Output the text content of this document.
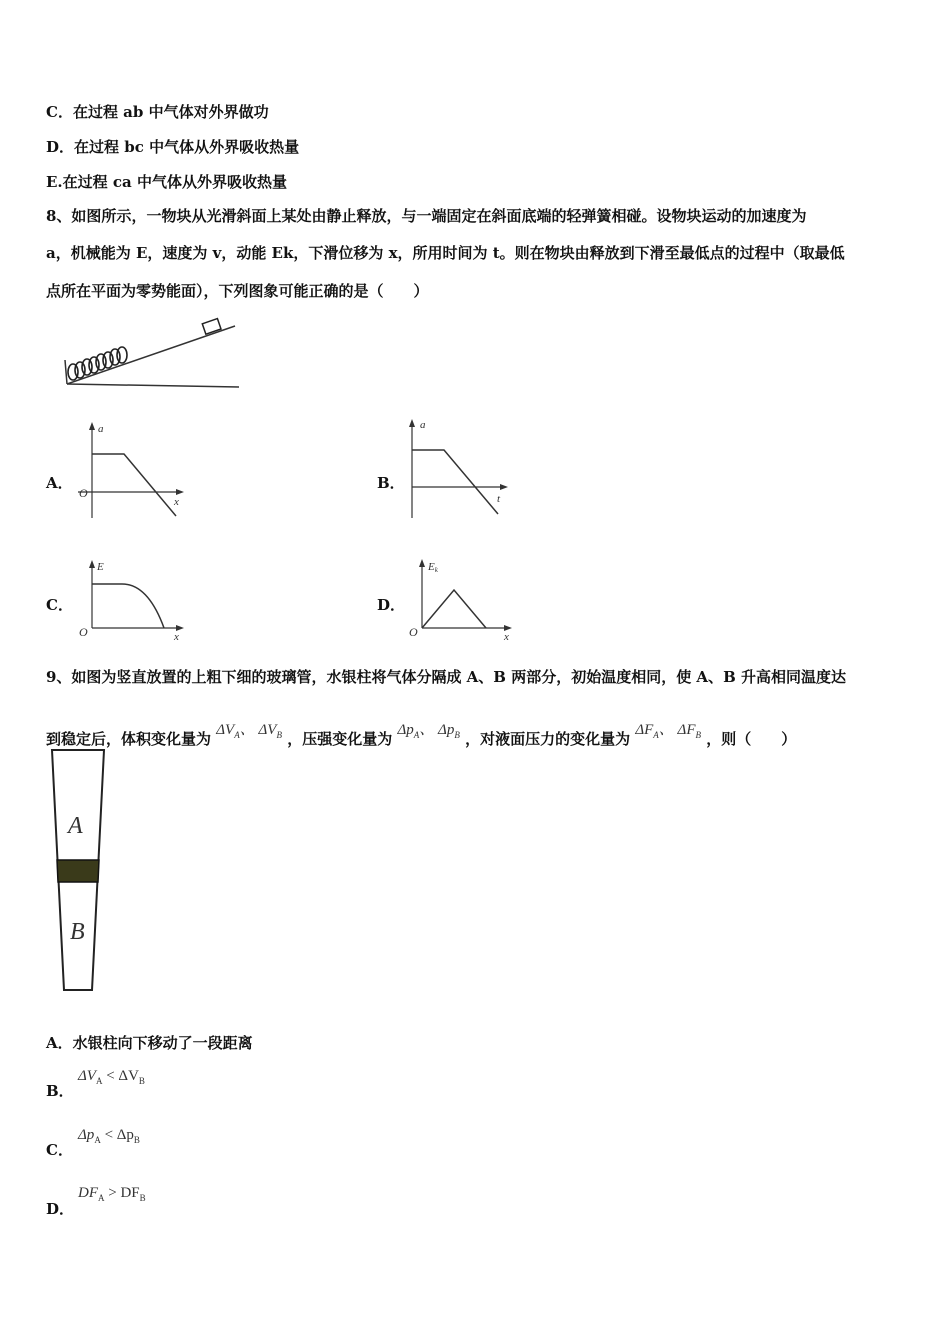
C．在过程 ab 中气体对外界做功
D．在过程 bc 中气体从外界吸收热量
E.在过程 ca 中气体从外界吸收热量
8、如图所示，一物块从光滑斜面上某处由静止释放，与一端固定在斜面底端的轻弹簧相碰。设物块运动的加速度为
a，机械能为 E，速度为 v，动能 Ek，下滑位移为 x，所用时间为 t。则在物块由释放到下滑至最低点的过程中（取最低
点所在平面为零势能面），下列图象可能正确的是（　　）
A．
a
O
x
B．
a
t
C．
E
O	x
D．
Ek
O	x
9、如图为竖直放置的上粗下细的玻璃管，水银柱将气体分隔成 A、B 两部分，初始温度相同，使 A、B 升高相同温度达
到稳定后，体积变化量为 $\Delta V_A$、 $\Delta V_B$ ，压强变化量为 $\Delta p_A$、 $\Delta p_B$ ，对液面压力的变化量为 $\Delta F_A$、 $\Delta F_B$ ，则（　　）
A
B
A．水银柱向下移动了一段距离
B．
$\Delta V_A < \Delta V_B$
C．
$\Delta p_A < \Delta p_B$
D．
$DF_A > DF_B$
